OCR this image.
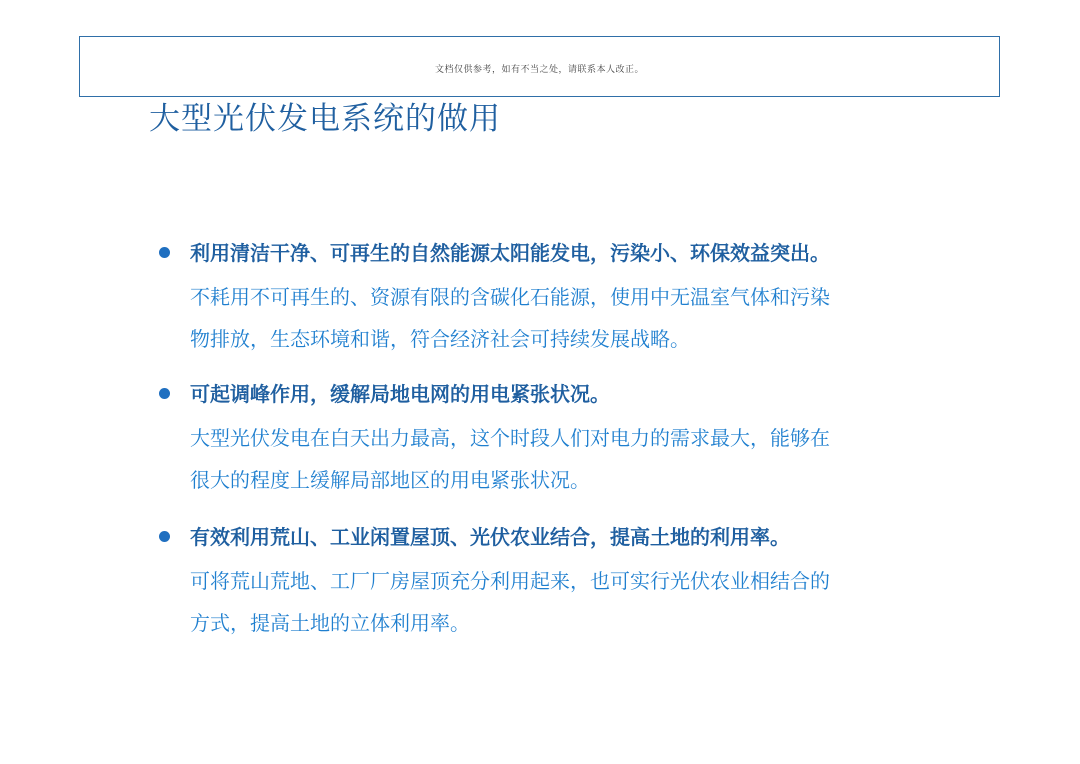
文档仅供参考，如有不当之处，请联系本人改正。
大型光伏发电系统的做用
利用清洁干净、可再生的自然能源太阳能发电，污染小、环保效益突出。
不耗用不可再生的、资源有限的含碳化石能源，使用中无温室气体和污染
物排放，生态环境和谐，符合经济社会可持续发展战略。
可起调峰作用，缓解局地电网的用电紧张状况。
大型光伏发电在白天出力最高，这个时段人们对电力的需求最大，能够在
很大的程度上缓解局部地区的用电紧张状况。
有效利用荒山、工业闲置屋顶、光伏农业结合，提高土地的利用率。
可将荒山荒地、工厂厂房屋顶充分利用起来，也可实行光伏农业相结合的
方式，提高土地的立体利用率。
